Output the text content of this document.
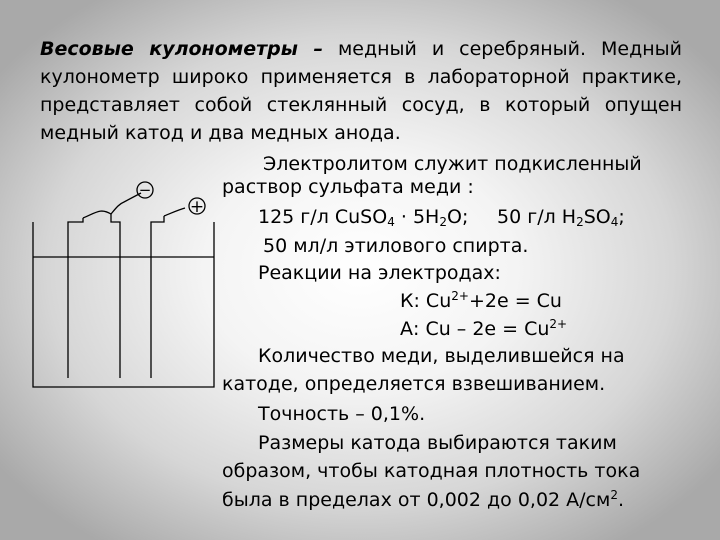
Весовые кулонометры – медный и серебряный. Медный
кулонометр широко применяется в лабораторной практике,
представляет собой стеклянный сосуд, в который опущен
медный катод и два медных анода.
−
+
Электролитом служит подкисленный
раствор сульфата меди :
125 г/л CuSO$_4$ · $5H_2O$; 50 г/л $H_2SO_4$;
50 мл/л этилового спирта.
Реакции на электродах:
К: $Cu^{2+}+2е = Cu$
А: $Cu - 2е = Cu^{2+}$
Количество меди, выделившейся на
катоде, определяется взвешиванием.
Точность – 0,1%.
Размеры катода выбираются таким
образом, чтобы катодная плотность тока
была в пределах от 0,002 до 0,02 $А/см^2$.
